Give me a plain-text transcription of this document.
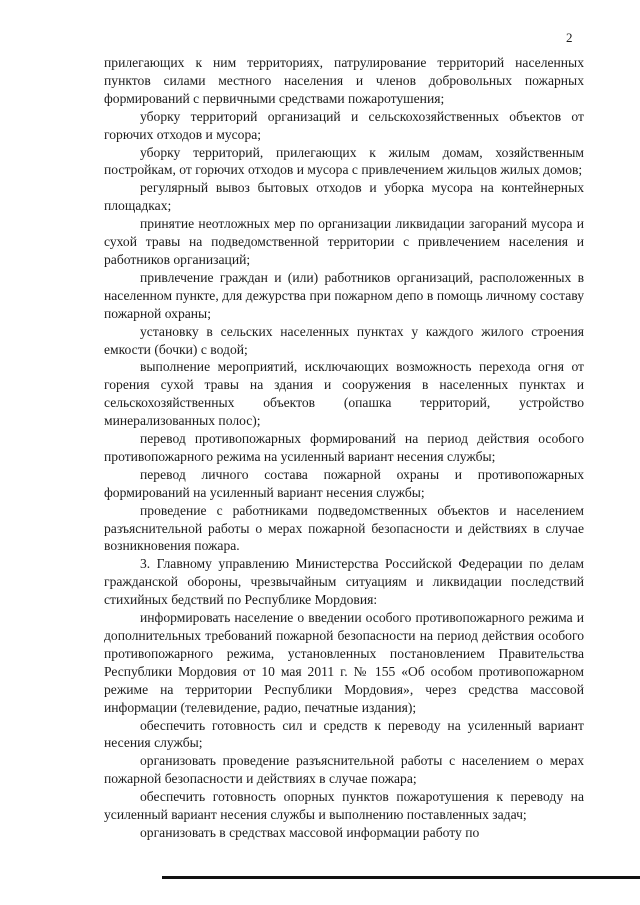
2

прилегающих к ним территориях, патрулирование территорий населенных пунктов силами местного населения и членов добровольных пожарных формирований с первичными средствами пожаротушения;

уборку территорий организаций и сельскохозяйственных объектов от горючих отходов и мусора;

уборку территорий, прилегающих к жилым домам, хозяйственным постройкам, от горючих отходов и мусора с привлечением жильцов жилых домов;

регулярный вывоз бытовых отходов и уборка мусора на контейнерных площадках;

принятие неотложных мер по организации ликвидации загораний мусора и сухой травы на подведомственной территории с привлечением населения и работников организаций;

привлечение граждан и (или) работников организаций, расположенных в населенном пункте, для дежурства при пожарном депо в помощь личному составу пожарной охраны;

установку в сельских населенных пунктах у каждого жилого строения емкости (бочки) с водой;

выполнение мероприятий, исключающих возможность перехода огня от горения сухой травы на здания и сооружения в населенных пунктах и сельскохозяйственных объектов (опашка территорий, устройство минерализованных полос);

перевод противопожарных формирований на период действия особого противопожарного режима на усиленный вариант несения службы;

перевод личного состава пожарной охраны и противопожарных формирований на усиленный вариант несения службы;

проведение с работниками подведомственных объектов и населением разъяснительной работы о мерах пожарной безопасности и действиях в случае возникновения пожара.

3. Главному управлению Министерства Российской Федерации по делам гражданской обороны, чрезвычайным ситуациям и ликвидации последствий стихийных бедствий по Республике Мордовия:

информировать население о введении особого противопожарного режима и дополнительных требований пожарной безопасности на период действия особого противопожарного режима, установленных постановлением Правительства Республики Мордовия от 10 мая 2011 г. № 155 «Об особом противопожарном режиме на территории Республики Мордовия», через средства массовой информации (телевидение, радио, печатные издания);

обеспечить готовность сил и средств к переводу на усиленный вариант несения службы;

организовать проведение разъяснительной работы с населением о мерах пожарной безопасности и действиях в случае пожара;

обеспечить готовность опорных пунктов пожаротушения к переводу на усиленный вариант несения службы и выполнению поставленных задач;

организовать в средствах массовой информации работу по
